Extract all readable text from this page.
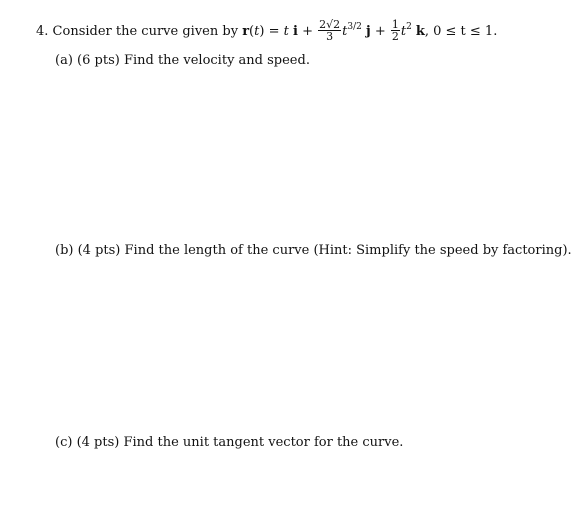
4. Consider the curve given by r(t) = t $i + \frac{2√2}{3} t^{3/2}$ $j + \frac{1}{2} t^2$ k, 0 ≤ t ≤ 1.
(a) (6 pts) Find the velocity and speed.
(b) (4 pts) Find the length of the curve (Hint: Simplify the speed by factoring).
(c) (4 pts) Find the unit tangent vector for the curve.
